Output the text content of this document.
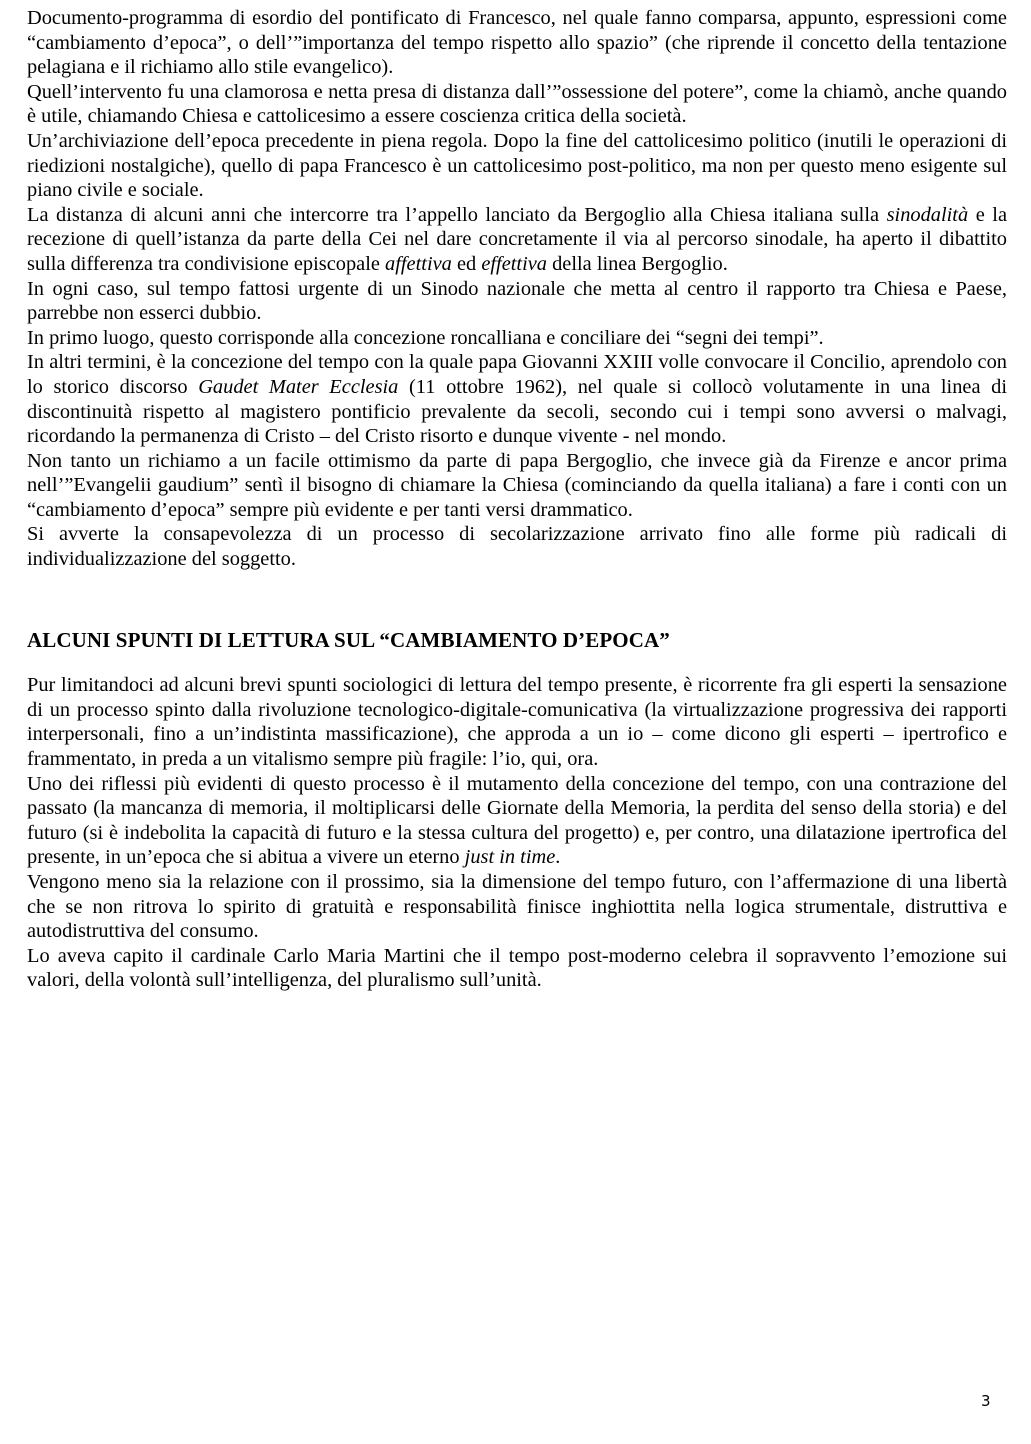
Documento-programma di esordio del pontificato di Francesco, nel quale fanno comparsa, appunto, espressioni come “cambiamento d’epoca”, o dell’”importanza del tempo rispetto allo spazio” (che riprende il concetto della tentazione pelagiana e il richiamo allo stile evangelico).

Quell’intervento fu una clamorosa e netta presa di distanza dall’”ossessione del potere”, come la chiamò, anche quando è utile, chiamando Chiesa e cattolicesimo a essere coscienza critica della società.

Un’archiviazione dell’epoca precedente in piena regola. Dopo la fine del cattolicesimo politico (inutili le operazioni di riedizioni nostalgiche), quello di papa Francesco è un cattolicesimo post-politico, ma non per questo meno esigente sul piano civile e sociale.

La distanza di alcuni anni che intercorre tra l’appello lanciato da Bergoglio alla Chiesa italiana sulla sinodalità e la recezione di quell’istanza da parte della Cei nel dare concretamente il via al percorso sinodale, ha aperto il dibattito sulla differenza tra condivisione episcopale affettiva ed effettiva della linea Bergoglio.

In ogni caso, sul tempo fattosi urgente di un Sinodo nazionale che metta al centro il rapporto tra Chiesa e Paese, parrebbe non esserci dubbio.

In primo luogo, questo corrisponde alla concezione roncalliana e conciliare dei “segni dei tempi”.

In altri termini, è la concezione del tempo con la quale papa Giovanni XXIII volle convocare il Concilio, aprendolo con lo storico discorso Gaudet Mater Ecclesia (11 ottobre 1962), nel quale si collocò volutamente in una linea di discontinuità rispetto al magistero pontificio prevalente da secoli, secondo cui i tempi sono avversi o malvagi, ricordando la permanenza di Cristo – del Cristo risorto e dunque vivente - nel mondo.

Non tanto un richiamo a un facile ottimismo da parte di papa Bergoglio, che invece già da Firenze e ancor prima nell’”Evangelii gaudium” sentì il bisogno di chiamare la Chiesa (cominciando da quella italiana) a fare i conti con un “cambiamento d’epoca” sempre più evidente e per tanti versi drammatico.

Si avverte la consapevolezza di un processo di secolarizzazione arrivato fino alle forme più radicali di individualizzazione del soggetto.

ALCUNI SPUNTI DI LETTURA SUL “CAMBIAMENTO D’EPOCA”

Pur limitandoci ad alcuni brevi spunti sociologici di lettura del tempo presente, è ricorrente fra gli esperti la sensazione di un processo spinto dalla rivoluzione tecnologico-digitale-comunicativa (la virtualizzazione progressiva dei rapporti interpersonali, fino a un’indistinta massificazione), che approda a un io – come dicono gli esperti – ipertrofico e frammentato, in preda a un vitalismo sempre più fragile: l’io, qui, ora.

Uno dei riflessi più evidenti di questo processo è il mutamento della concezione del tempo, con una contrazione del passato (la mancanza di memoria, il moltiplicarsi delle Giornate della Memoria, la perdita del senso della storia) e del futuro (si è indebolita la capacità di futuro e la stessa cultura del progetto) e, per contro, una dilatazione ipertrofica del presente, in un’epoca che si abitua a vivere un eterno just in time.

Vengono meno sia la relazione con il prossimo, sia la dimensione del tempo futuro, con l’affermazione di una libertà che se non ritrova lo spirito di gratuità e responsabilità finisce inghiottita nella logica strumentale, distruttiva e autodistruttiva del consumo.

Lo aveva capito il cardinale Carlo Maria Martini che il tempo post-moderno celebra il sopravvento l’emozione sui valori, della volontà sull’intelligenza, del pluralismo sull’unità.

3
